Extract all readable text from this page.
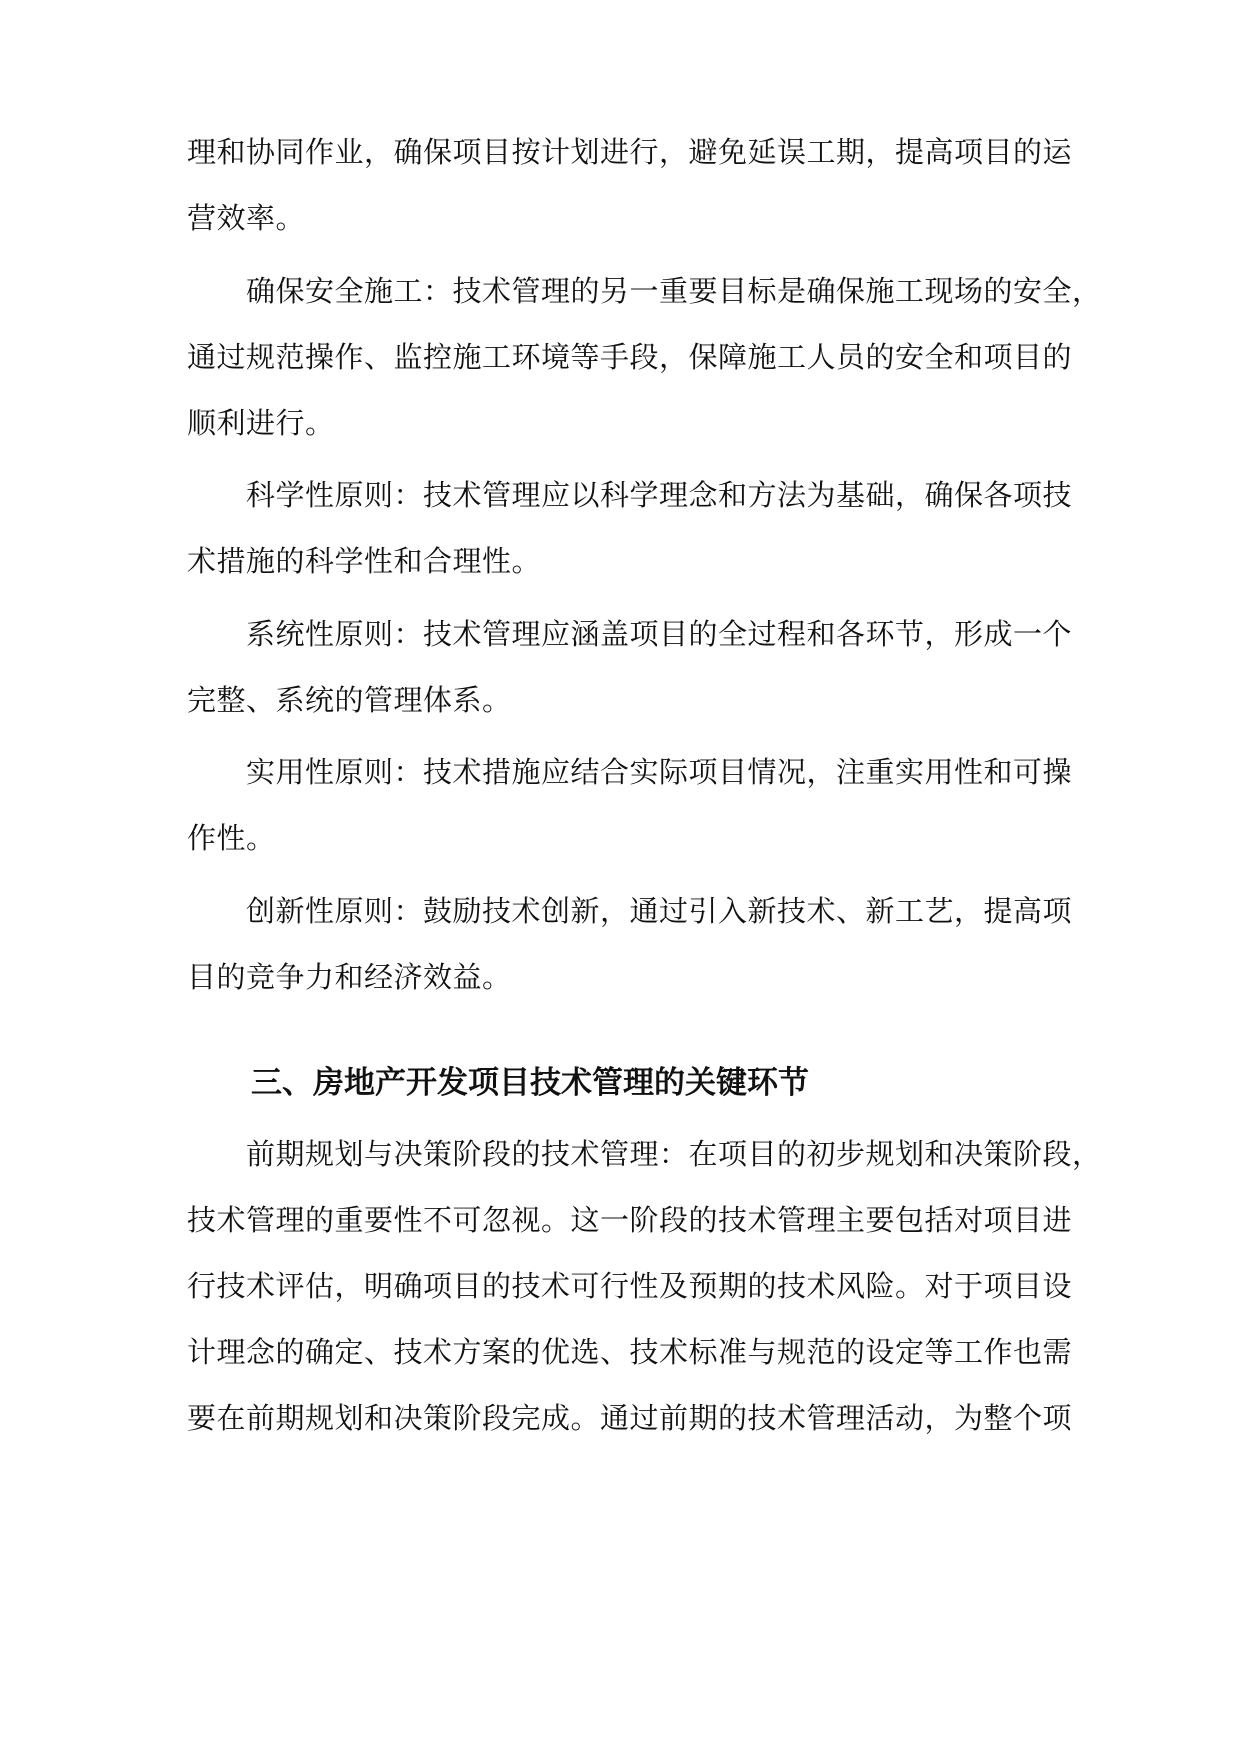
理和协同作业，确保项目按计划进行，避免延误工期，提高项目的运
营效率。
确保安全施工：技术管理的另一重要目标是确保施工现场的安全，
通过规范操作、监控施工环境等手段，保障施工人员的安全和项目的
顺利进行。
科学性原则：技术管理应以科学理念和方法为基础，确保各项技
术措施的科学性和合理性。
系统性原则：技术管理应涵盖项目的全过程和各环节，形成一个
完整、系统的管理体系。
实用性原则：技术措施应结合实际项目情况，注重实用性和可操
作性。
创新性原则：鼓励技术创新，通过引入新技术、新工艺，提高项
目的竞争力和经济效益。
三、房地产开发项目技术管理的关键环节
前期规划与决策阶段的技术管理：在项目的初步规划和决策阶段，
技术管理的重要性不可忽视。这一阶段的技术管理主要包括对项目进
行技术评估，明确项目的技术可行性及预期的技术风险。对于项目设
计理念的确定、技术方案的优选、技术标准与规范的设定等工作也需
要在前期规划和决策阶段完成。通过前期的技术管理活动，为整个项
